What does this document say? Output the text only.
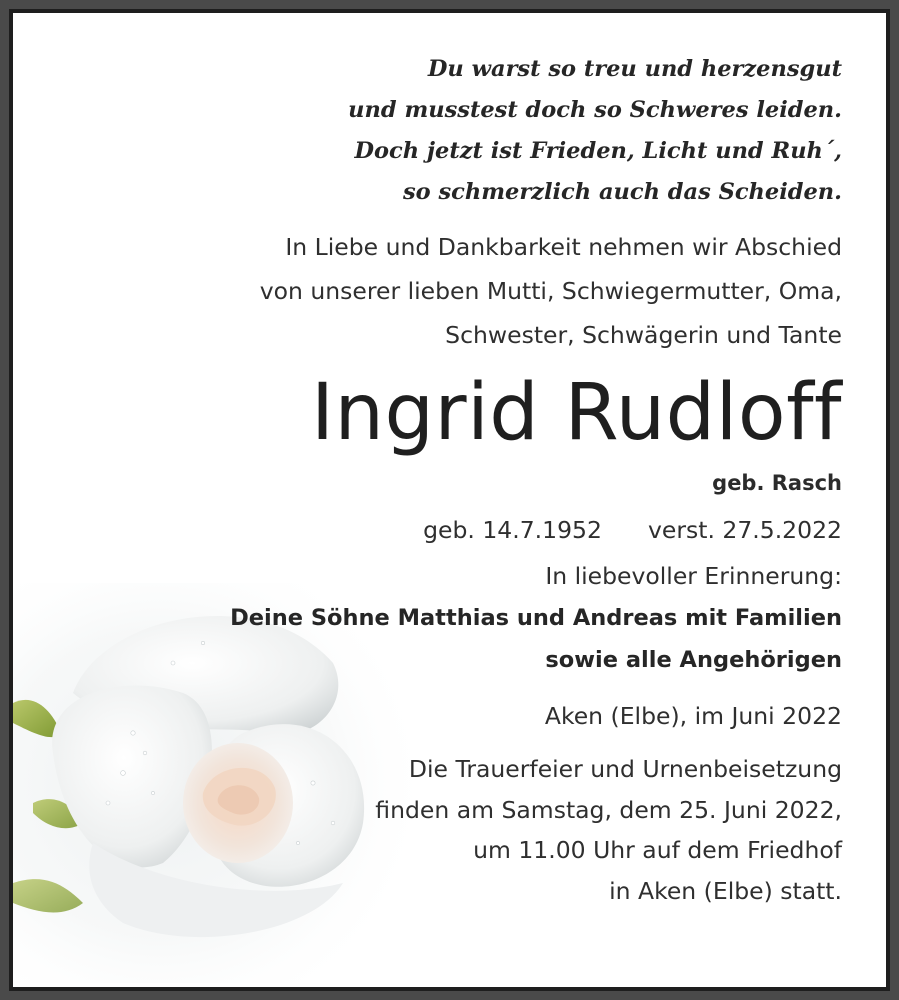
Du warst so treu und herzensgut
und musstest doch so Schweres leiden.
Doch jetzt ist Frieden, Licht und Ruh´,
so schmerzlich auch das Scheiden.
In Liebe und Dankbarkeit nehmen wir Abschied
von unserer lieben Mutti, Schwiegermutter, Oma,
Schwester, Schwägerin und Tante
Ingrid Rudloff
geb. Rasch
geb. 14.7.1952 verst. 27.5.2022
In liebevoller Erinnerung:
Deine Söhne Matthias und Andreas mit Familien
sowie alle Angehörigen
Aken (Elbe), im Juni 2022
Die Trauerfeier und Urnenbeisetzung
finden am Samstag, dem 25. Juni 2022,
um 11.00 Uhr auf dem Friedhof
in Aken (Elbe) statt.
